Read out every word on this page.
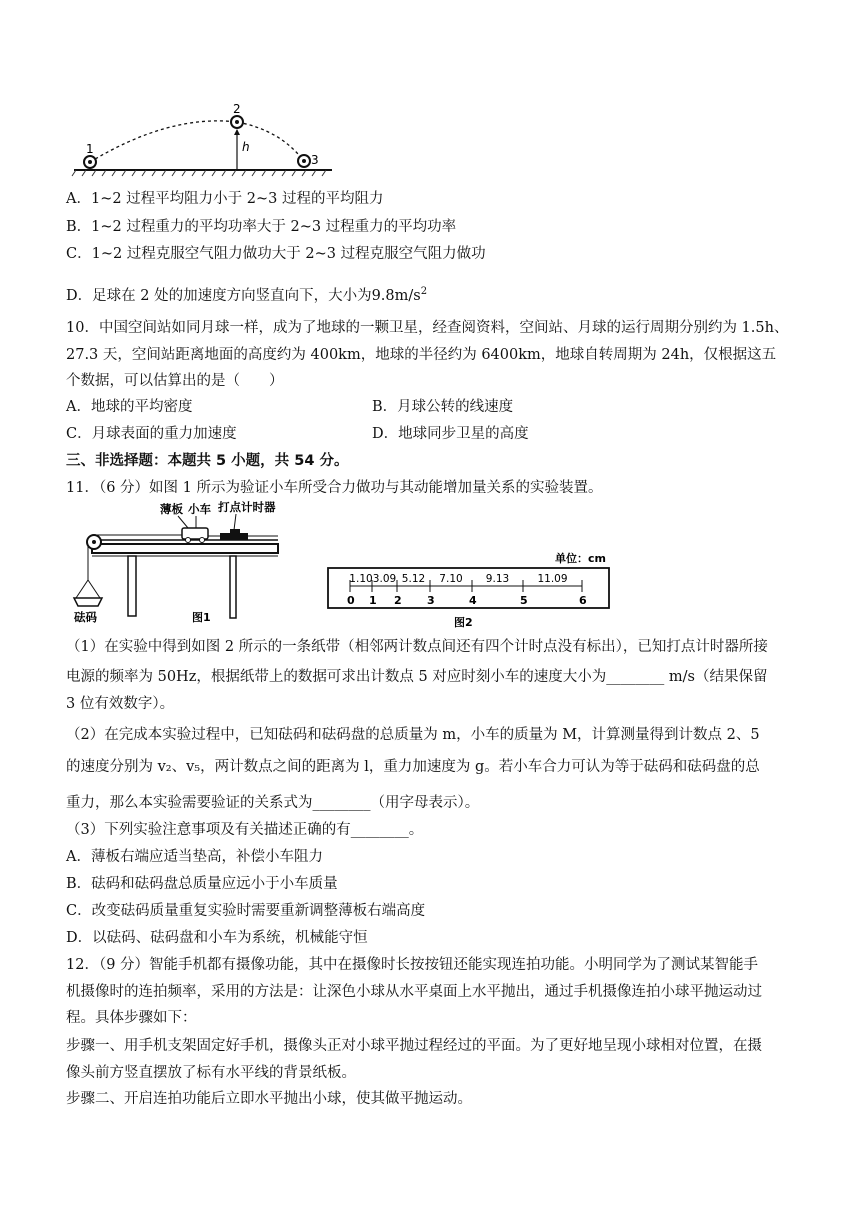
1
2
3
h
A．1~2 过程平均阻力小于 2~3 过程的平均阻力
B．1~2 过程重力的平均功率大于 2~3 过程重力的平均功率
C．1~2 过程克服空气阻力做功大于 2~3 过程克服空气阻力做功
D．足球在 2 处的加速度方向竖直向下，大小为$9.8m/s^2$
10．中国空间站如同月球一样，成为了地球的一颗卫星，经查阅资料，空间站、月球的运行周期分别约为 1.5h、
27.3 天，空间站距离地面的高度约为 400km，地球的半径约为 6400km，地球自转周期为 24h，仅根据这五
个数据，可以估算出的是（　　）
A．地球的平均密度	B．月球公转的线速度
C．月球表面的重力加速度	D．地球同步卫星的高度
三、非选择题：本题共 5 小题，共 54 分。
11．（6 分）如图 1 所示为验证小车所受合力做功与其动能增加量关系的实验装置。
薄板 小车 打点计时器
砝码	图1
单位：cm
0 1 2 3	4	5	6
1.10 3.09 5.12 7.10 9.13	11.09
图2
（1）在实验中得到如图 2 所示的一条纸带（相邻两计数点间还有四个计时点没有标出），已知打点计时器所接
电源的频率为 50Hz，根据纸带上的数据可求出计数点 5 对应时刻小车的速度大小为________ m/s（结果保留
3 位有效数字）。
（2）在完成本实验过程中，已知砝码和砝码盘的总质量为 m，小车的质量为 M，计算测量得到计数点 2、5
的速度分别为 v₂、v₅，两计数点之间的距离为 l，重力加速度为 g。若小车合力可认为等于砝码和砝码盘的总
重力，那么本实验需要验证的关系式为________（用字母表示）。
（3）下列实验注意事项及有关描述正确的有________。
A．薄板右端应适当垫高，补偿小车阻力
B．砝码和砝码盘总质量应远小于小车质量
C．改变砝码质量重复实验时需要重新调整薄板右端高度
D．以砝码、砝码盘和小车为系统，机械能守恒
12．（9 分）智能手机都有摄像功能，其中在摄像时长按按钮还能实现连拍功能。小明同学为了测试某智能手
机摄像时的连拍频率，采用的方法是：让深色小球从水平桌面上水平抛出，通过手机摄像连拍小球平抛运动过
程。具体步骤如下：
步骤一、用手机支架固定好手机，摄像头正对小球平抛过程经过的平面。为了更好地呈现小球相对位置，在摄
像头前方竖直摆放了标有水平线的背景纸板。
步骤二、开启连拍功能后立即水平抛出小球，使其做平抛运动。
